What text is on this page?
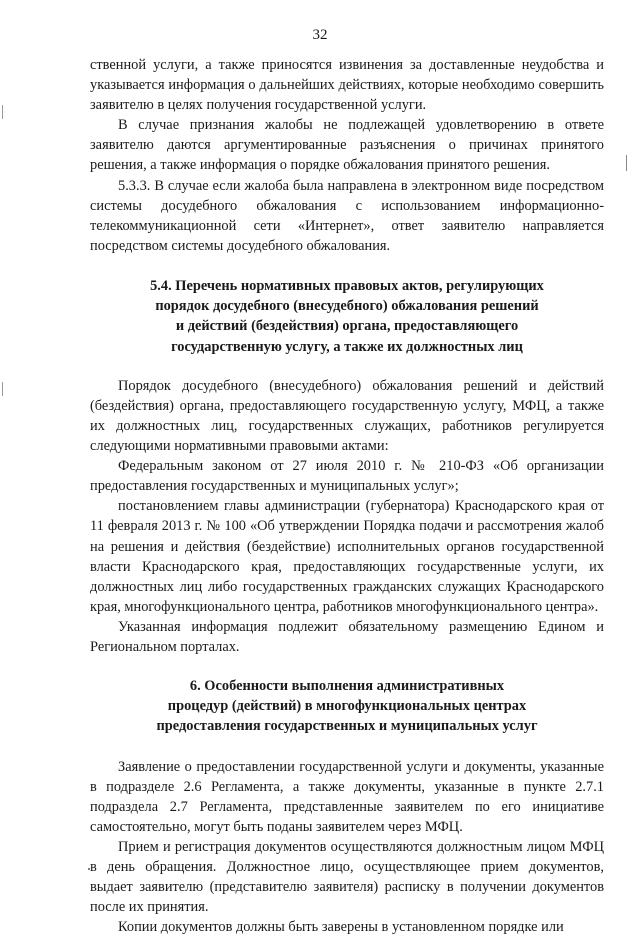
32

ственной услуги, а также приносятся извинения за доставленные неудобства и указывается информация о дальнейших действиях, которые необходимо совершить заявителю в целях получения государственной услуги.

В случае признания жалобы не подлежащей удовлетворению в ответе заявителю даются аргументированные разъяснения о причинах принятого решения, а также информация о порядке обжалования принятого решения.

5.3.3. В случае если жалоба была направлена в электронном виде посредством системы досудебного обжалования с использованием информационно-телекоммуникационной сети «Интернет», ответ заявителю направляется посредством системы досудебного обжалования.

5.4. Перечень нормативных правовых актов, регулирующих
порядок досудебного (внесудебного) обжалования решений
и действий (бездействия) органа, предоставляющего
государственную услугу, а также их должностных лиц

Порядок досудебного (внесудебного) обжалования решений и действий (бездействия) органа, предоставляющего государственную услугу, МФЦ, а также их должностных лиц, государственных служащих, работников регулируется следующими нормативными правовыми актами:

Федеральным законом от 27 июля 2010 г. № 210-ФЗ «Об организации предоставления государственных и муниципальных услуг»;

постановлением главы администрации (губернатора) Краснодарского края от 11 февраля 2013 г. № 100 «Об утверждении Порядка подачи и рассмотрения жалоб на решения и действия (бездействие) исполнительных органов государственной власти Краснодарского края, предоставляющих государственные услуги, их должностных лиц либо государственных гражданских служащих Краснодарского края, многофункционального центра, работников многофункционального центра».

Указанная информация подлежит обязательному размещению Едином и Региональном порталах.

6. Особенности выполнения административных
процедур (действий) в многофункциональных центрах
предоставления государственных и муниципальных услуг

Заявление о предоставлении государственной услуги и документы, указанные в подразделе 2.6 Регламента, а также документы, указанные в пункте 2.7.1 подраздела 2.7 Регламента, представленные заявителем по его инициативе самостоятельно, могут быть поданы заявителем через МФЦ.

Прием и регистрация документов осуществляются должностным лицом МФЦ в день обращения. Должностное лицо, осуществляющее прием документов, выдает заявителю (представителю заявителя) расписку в получении документов после их принятия.

Копии документов должны быть заверены в установленном порядке или
